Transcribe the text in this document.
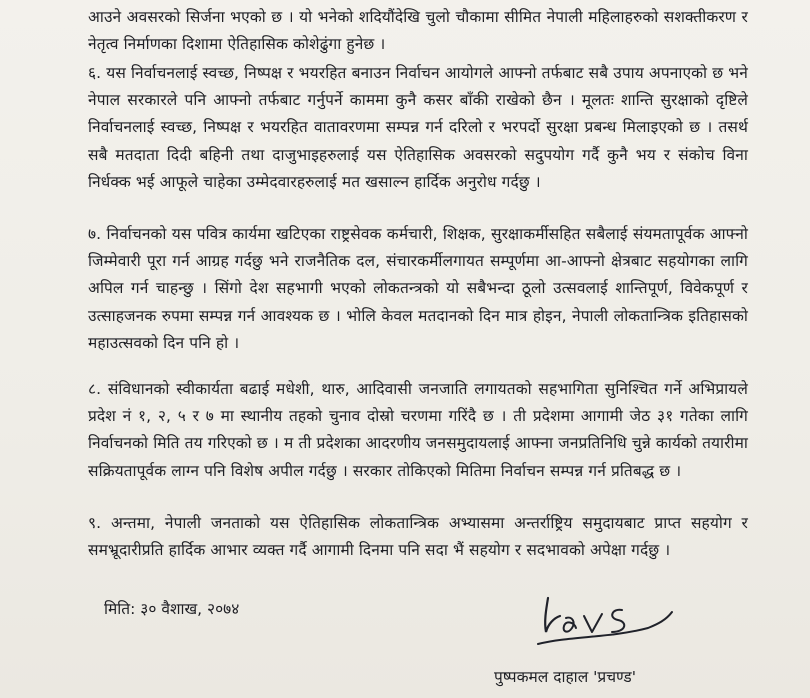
आउने अवसरको सिर्जना भएको छ । यो भनेको शदियौंदेखि चुलो चौकामा सीमित नेपाली महिलाहरुको सशक्तीकरण र नेतृत्व निर्माणका दिशामा ऐतिहासिक कोशेढुंगा हुनेछ ।

६. यस निर्वाचनलाई स्वच्छ, निष्पक्ष र भयरहित बनाउन निर्वाचन आयोगले आफ्नो तर्फबाट सबै उपाय अपनाएको छ भने नेपाल सरकारले पनि आफ्नो तर्फबाट गर्नुपर्ने काममा कुनै कसर बाँकी राखेको छैन । मूलतः शान्ति सुरक्षाको दृष्टिले निर्वाचनलाई स्वच्छ, निष्पक्ष र भयरहित वातावरणमा सम्पन्न गर्न दरिलो र भरपर्दो सुरक्षा प्रबन्ध मिलाइएको छ । तसर्थ सबै मतदाता दिदी बहिनी तथा दाजुभाइहरुलाई यस ऐतिहासिक अवसरको सदुपयोग गर्दै कुनै भय र संकोच विना निर्धक्क भई आफूले चाहेका उम्मेदवारहरुलाई मत खसाल्न हार्दिक अनुरोध गर्दछु ।

७. निर्वाचनको यस पवित्र कार्यमा खटिएका राष्ट्रसेवक कर्मचारी, शिक्षक, सुरक्षाकर्मीसहित सबैलाई संयमतापूर्वक आफ्नो जिम्मेवारी पूरा गर्न आग्रह गर्दछु भने राजनैतिक दल, संचारकर्मीलगायत सम्पूर्णमा आ-आफ्नो क्षेत्रबाट सहयोगका लागि अपिल गर्न चाहन्छु । सिंगो देश सहभागी भएको लोकतन्त्रको यो सबैभन्दा ठूलो उत्सवलाई शान्तिपूर्ण, विवेकपूर्ण र उत्साहजनक रुपमा सम्पन्न गर्न आवश्यक छ । भोलि केवल मतदानको दिन मात्र होइन, नेपाली लोकतान्त्रिक इतिहासको महाउत्सवको दिन पनि हो ।

८. संविधानको स्वीकार्यता बढाई मधेशी, थारु, आदिवासी जनजाति लगायतको सहभागिता सुनिश्चित गर्ने अभिप्रायले प्रदेश नं १, २, ५ र ७ मा स्थानीय तहको चुनाव दोस्रो चरणमा गरिंदै छ । ती प्रदेशमा आगामी जेठ ३१ गतेका लागि निर्वाचनको मिति तय गरिएको छ । म ती प्रदेशका आदरणीय जनसमुदायलाई आफ्ना जनप्रतिनिधि चुन्ने कार्यको तयारीमा सक्रियतापूर्वक लाग्न पनि विशेष अपील गर्दछु । सरकार तोकिएको मितिमा निर्वाचन सम्पन्न गर्न प्रतिबद्ध छ ।

९. अन्तमा, नेपाली जनताको यस ऐतिहासिक लोकतान्त्रिक अभ्यासमा अन्तर्राष्ट्रिय समुदायबाट प्राप्त सहयोग र समभ्रूदारीप्रति हार्दिक आभार व्यक्त गर्दै आगामी दिनमा पनि सदा भैं सहयोग र सदभावको अपेक्षा गर्दछु ।

मिति: ३० वैशाख, २०७४
पुष्पकमल दाहाल 'प्रचण्ड'
